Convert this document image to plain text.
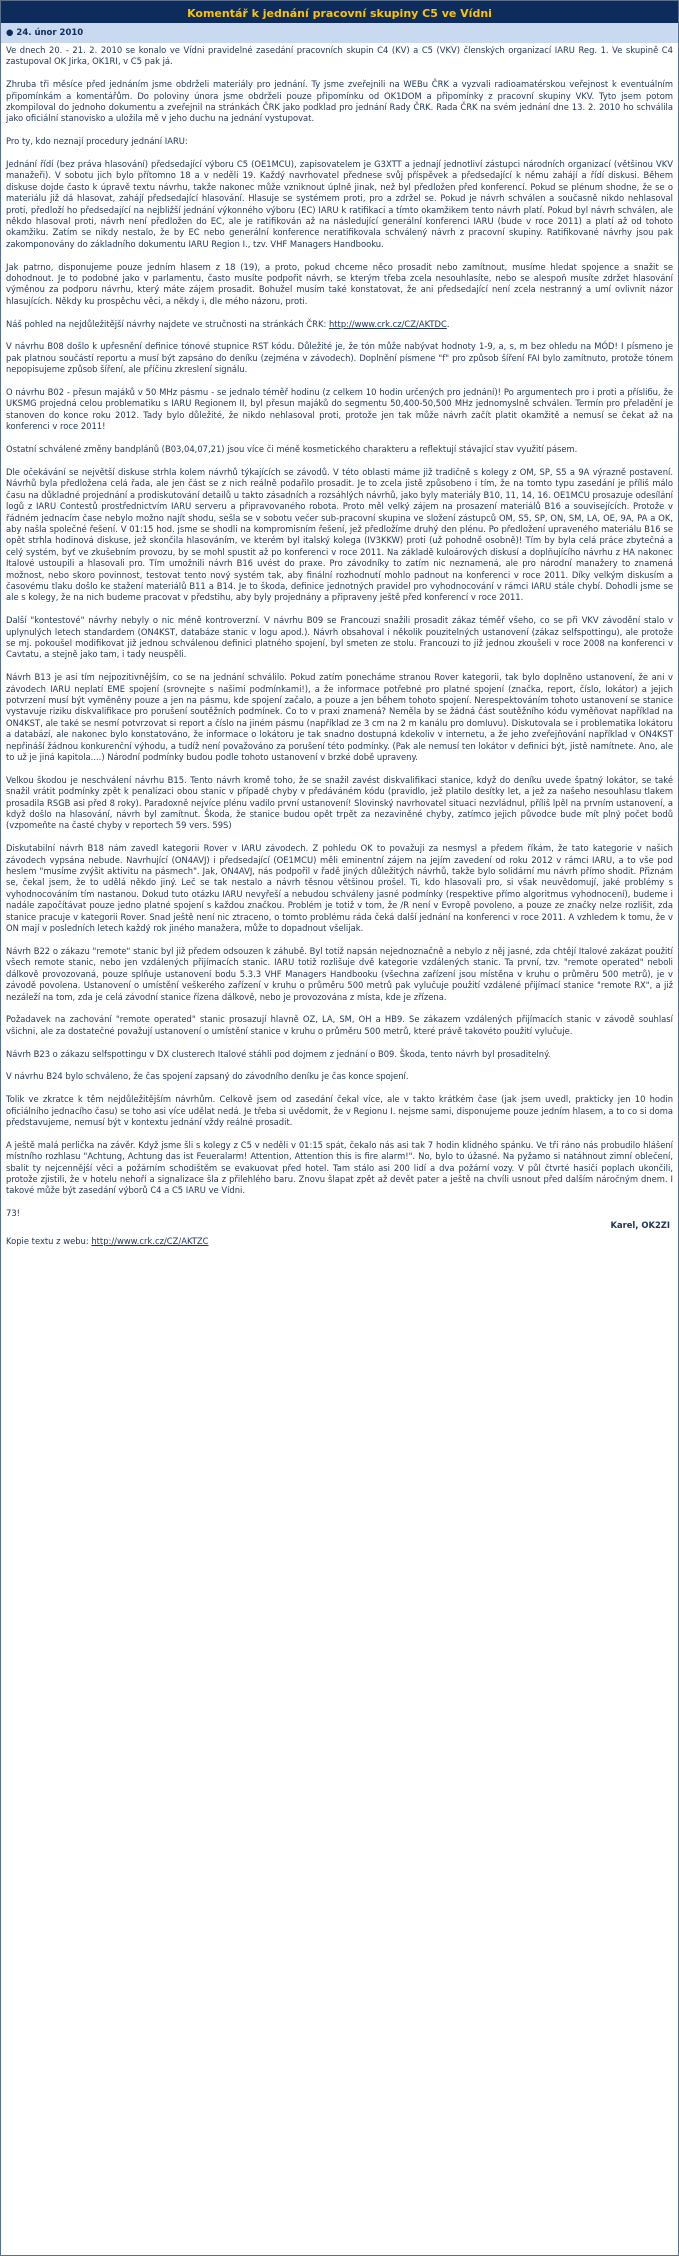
Komentář k jednání pracovní skupiny C5 ve Vídni
● 24. únor 2010

Ve dnech 20. - 21. 2. 2010 se konalo ve Vídni pravidelné zasedání pracovních skupin C4 (KV) a C5 (VKV) členských organizací IARU Reg. 1. Ve skupině C4 zastupoval OK Jirka, OK1RI, v C5 pak já.

Zhruba tři měsíce před jednáním jsme obdrželi materiály pro jednání. Ty jsme zveřejnili na WEBu ČRK a vyzvali radioamatérskou veřejnost k eventuálním připomínkám a komentářům. Do poloviny února jsme obdrželi pouze připomínku od OK1DOM a připomínky z pracovní skupiny VKV. Tyto jsem potom zkompiloval do jednoho dokumentu a zveřejnil na stránkách ČRK jako podklad pro jednání Rady ČRK. Rada ČRK na svém jednání dne 13. 2. 2010 ho schválila jako oficiální stanovisko a uložila mě v jeho duchu na jednání vystupovat.

Pro ty, kdo neznají procedury jednání IARU:

Jednání řídí (bez práva hlasování) předsedající výboru C5 (OE1MCU), zapisovatelem je G3XTT a jednají jednotliví zástupci národních organizací (většinou VKV manažeři). V sobotu jich bylo přítomno 18 a v neděli 19. Každý navrhovatel přednese svůj příspěvek a předsedající k němu zahájí a řídí diskusi. Během diskuse dojde často k úpravě textu návrhu, takže nakonec může vzniknout úplně jinak, než byl předložen před konferencí. Pokud se plénum shodne, že se o materiálu již dá hlasovat, zahájí předsedající hlasování. Hlasuje se systémem proti, pro a zdržel se. Pokud je návrh schválen a současně nikdo nehlasoval proti, předloží ho předsedající na nejbližší jednání výkonného výboru (EC) IARU k ratifikaci a tímto okamžikem tento návrh platí. Pokud byl návrh schválen, ale někdo hlasoval proti, návrh není předložen do EC, ale je ratifikován až na následující generální konferenci IARU (bude v roce 2011) a platí až od tohoto okamžiku. Zatím se nikdy nestalo, že by EC nebo generální konference neratifikovala schválený návrh z pracovní skupiny. Ratifikované návrhy jsou pak zakomponovány do základního dokumentu IARU Region I., tzv. VHF Managers Handbooku.

Jak patrno, disponujeme pouze jedním hlasem z 18 (19), a proto, pokud chceme něco prosadit nebo zamítnout, musíme hledat spojence a snažit se dohodnout. Je to podobné jako v parlamentu, často musíte podpořit návrh, se kterým třeba zcela nesouhlasíte, nebo se alespoň musíte zdržet hlasování výměnou za podporu návrhu, který máte zájem prosadit. Bohužel musím také konstatovat, že ani předsedající není zcela nestranný a umí ovlivnit názor hlasujících. Někdy ku prospěchu věci, a někdy i, dle mého názoru, proti.

Náš pohled na nejdůležitější návrhy najdete ve stručnosti na stránkách ČRK: http://www.crk.cz/CZ/AKTDC.

V návrhu B08 došlo k upřesnění definice tónové stupnice RST kódu. Důležité je, že tón může nabývat hodnoty 1-9, a, s, m bez ohledu na MÓD! I písmeno je pak platnou součástí reportu a musí být zapsáno do deníku (zejména v závodech). Doplnění písmene "f" pro způsob šíření FAI bylo zamítnuto, protože tónem nepopisujeme způsob šíření, ale příčinu zkreslení signálu.

O návrhu B02 - přesun majáků v 50 MHz pásmu - se jednalo téměř hodinu (z celkem 10 hodin určených pro jednání)! Po argumentech pro i proti a přísliбu, že UKSMG projedná celou problematiku s IARU Regionem II, byl přesun majáků do segmentu 50,400-50,500 MHz jednomyslně schválen. Termín pro přeladění je stanoven do konce roku 2012. Tady bylo důležité, že nikdo nehlasoval proti, protože jen tak může návrh začít platit okamžitě a nemusí se čekat až na konferenci v roce 2011!

Ostatní schválené změny bandplánů (B03,04,07,21) jsou více či méně kosmetického charakteru a reflektují stávající stav využití pásem.

Dle očekávání se největší diskuse strhla kolem návrhů týkajících se závodů. V této oblasti máme již tradičně s kolegy z OM, SP, S5 a 9A výrazně postavení. Návrhů byla předložena celá řada, ale jen část se z nich reálně podařilo prosadit. Je to zcela jistě způsobeno i tím, že na tomto typu zasedání je příliš málo času na důkladné projednání a prodiskutování detailů u takto zásadních a rozsáhlých návrhů, jako byly materiály B10, 11, 14, 16. OE1MCU prosazuje odesílání logů z IARU Contestů prostřednictvím IARU serveru a připravovaného robota. Proto měl velký zájem na prosazení materiálů B16 a souvisejících. Protože v řádném jednacím čase nebylo možno najít shodu, sešla se v sobotu večer sub-pracovní skupina ve složení zástupců OM, S5, SP, ON, SM, LA, OE, 9A, PA a OK, aby našla společné řešení. V 01:15 hod. jsme se shodli na kompromisním řešení, jež předložíme druhý den plénu. Po předložení upraveného materiálu B16 se opět strhla hodinová diskuse, jež skončila hlasováním, ve kterém byl italský kolega (IV3KKW) proti (už pohodně osobně)! Tím by byla celá práce zbytečná a celý systém, byť ve zkušebním provozu, by se mohl spustit až po konferenci v roce 2011. Na základě kuloárových diskusí a doplňujícího návrhu z HA nakonec Italové ustoupili a hlasovali pro. Tím umožnili návrh B16 uvést do praxe. Pro závodníky to zatím nic neznamená, ale pro národní manažery to znamená možnost, nebo skoro povinnost, testovat tento nový systém tak, aby finální rozhodnutí mohlo padnout na konferenci v roce 2011. Díky velkým diskusím a časovému tlaku došlo ke stažení materiálů B11 a B14. Je to škoda, definice jednotných pravidel pro vyhodnocování v rámci IARU stále chybí. Dohodli jsme se ale s kolegy, že na nich budeme pracovat v předstihu, aby byly projednány a připraveny ještě před konferencí v roce 2011.

Další "kontestové" návrhy nebyly o nic méně kontroverzní. V návrhu B09 se Francouzi snažili prosadit zákaz téměř všeho, co se při VKV závodění stalo v uplynulých letech standardem (ON4KST, databáze stanic v logu apod.). Návrh obsahoval i několik pouzitelných ustanovení (zákaz selfspottingu), ale protože se mj. pokoušel modifikovat již jednou schválenou definici platného spojení, byl smeten ze stolu. Francouzi to již jednou zkoušeli v roce 2008 na konferenci v Cavtatu, a stejně jako tam, i tady neuspěli.

Návrh B13 je asi tím nejpozitivnějším, co se na jednání schválilo. Pokud zatím ponecháme stranou Rover kategorii, tak bylo doplněno ustanovení, že ani v závodech IARU neplatí EME spojení (srovnejte s našimi podmínkami!), a že informace potřebné pro platné spojení (značka, report, číslo, lokátor) a jejich potvrzení musí být vyměněny pouze a jen na pásmu, kde spojení začalo, a pouze a jen během tohoto spojení. Nerespektováním tohoto ustanovení se stanice vystavuje riziku diskvalifikace pro porušení soutěžních podmínek. Co to v praxi znamená? Neměla by se žádná část soutěžního kódu vyměňovat například na ON4KST, ale také se nesmí potvrzovat si report a číslo na jiném pásmu (například ze 3 cm na 2 m kanálu pro domluvu). Diskutovala se i problematika lokátoru a databází, ale nakonec bylo konstatováno, že informace o lokátoru je tak snadno dostupná kdekoliv v internetu, a že jeho zveřejňování například v ON4KST nepřináší žádnou konkurenční výhodu, a tudíž není považováno za porušení této podmínky. (Pak ale nemusí ten lokátor v definici být, jistě namítnete. Ano, ale to už je jiná kapitola....) Národní podmínky budou podle tohoto ustanovení v brzké době upraveny.

Velkou škodou je neschválení návrhu B15. Tento návrh kromě toho, že se snažil zavést diskvalifikaci stanice, když do deníku uvede špatný lokátor, se také snažil vrátit podmínky zpět k penalizaci obou stanic v případě chyby v předáváném kódu (pravidlo, jež platilo desítky let, a jež za našeho nesouhlasu tlakem prosadila RSGB asi před 8 roky). Paradoxně nejvíce plénu vadilo první ustanovení! Slovinský navrhovatel situaci nezvládnul, příliš lpěl na prvním ustanovení, a když došlo na hlasování, návrh byl zamítnut. Škoda, že stanice budou opět trpět za nezaviněné chyby, zatímco jejich původce bude mít plný počet bodů (vzpomeňte na časté chyby v reportech 59 vers. 59S)

Diskutabilní návrh B18 nám zavedl kategorii Rover v IARU závodech. Z pohledu OK to považuji za nesmysl a předem říkám, že tato kategorie v našich závodech vypsána nebude. Navrhující (ON4AVJ) i předsedající (OE1MCU) měli eminentní zájem na jejím zavedení od roku 2012 v rámci IARU, a to vše pod heslem "musíme zvýšit aktivitu na pásmech". Jak, ON4AVJ, nás podpořil v řadě jiných důležitých návrhů, takže bylo solidární mu návrh přímo shodit. Přiznám se, čekal jsem, že to udělá někdo jiný. Leč se tak nestalo a návrh těsnou většinou prošel. Ti, kdo hlasovali pro, si však neuvědomují, jaké problémy s vyhodnocováním tím nastanou. Dokud tuto otázku IARU nevyřeší a nebudou schváleny jasné podmínky (respektive přímo algoritmus vyhodnocení), budeme i nadále započítávat pouze jedno platné spojení s každou značkou. Problém je totiž v tom, že /R není v Evropě povoleno, a pouze ze značky nelze rozlišit, zda stanice pracuje v kategorii Rover. Snad ještě není nic ztraceno, o tomto problému ráda čeká další jednání na konferenci v roce 2011. A vzhledem k tomu, že v ON mají v posledních letech každý rok jiného manažera, může to dopadnout všelijak.

Návrh B22 o zákazu "remote" stanic byl již předem odsouzen k záhubě. Byl totiž napsán nejednoznačně a nebylo z něj jasné, zda chtějí Italové zakázat použití všech remote stanic, nebo jen vzdálených přijímacích stanic. IARU totiž rozlišuje dvě kategorie vzdálených stanic. Ta první, tzv. "remote operated" neboli dálkově provozovaná, pouze splňuje ustanovení bodu 5.3.3 VHF Managers Handbooku (všechna zařízení jsou místěna v kruhu o průměru 500 metrů), je v závodě povolena. Ustanovení o umístění veškerého zařízení v kruhu o průměru 500 metrů pak vylučuje použití vzdálené přijímací stanice "remote RX", a již nezáleží na tom, zda je celá závodní stanice řízena dálkově, nebo je provozována z místa, kde je zřízena.

Požadavek na zachování "remote operated" stanic prosazují hlavně OZ, LA, SM, OH a HB9. Se zákazem vzdálených přijímacích stanic v závodě souhlasí všichni, ale za dostatečné považují ustanovení o umístění stanice v kruhu o průměru 500 metrů, které právě takovéto použití vylučuje.

Návrh B23 o zákazu selfspottingu v DX clusterech Italové stáhli pod dojmem z jednání o B09. Škoda, tento návrh byl prosaditelný.

V návrhu B24 bylo schváleno, že čas spojení zapsaný do závodního deníku je čas konce spojení.

Tolik ve zkratce k těm nejdůležitějším návrhům. Celkově jsem od zasedání čekal více, ale v takto krátkém čase (jak jsem uvedl, prakticky jen 10 hodin oficiálního jednacího času) se toho asi více udělat nedá. Je třeba si uvědomit, že v Regionu I. nejsme sami, disponujeme pouze jedním hlasem, a to co si doma představujeme, nemusí být v kontextu jednání vždy reálné prosadit.

A ještě malá perlička na závěr. Když jsme šli s kolegy z C5 v neděli v 01:15 spát, čekalo nás asi tak 7 hodin klidného spánku. Ve tři ráno nás probudilo hlášení místního rozhlasu "Achtung, Achtung das ist Feueralarm! Attention, Attention this is fire alarm!". No, bylo to úžasné. Na pyžamo si natáhnout zimní oblečení, sbalit ty nejcennější věci a požárním schodištěm se evakuovat před hotel. Tam stálo asi 200 lidí a dva požární vozy. V půl čtvrté hasiči poplach ukončili, protože zjistili, že v hotelu nehoří a signalizace šla z přilehlého baru. Znovu šlapat zpět až devět pater a ještě na chvíli usnout před dalším náročným dnem. I takové může být zasedání výborů C4 a C5 IARU ve Vídni.

73!

Karel, OK2ZI
Kopie textu z webu: http://www.crk.cz/CZ/AKTZC
